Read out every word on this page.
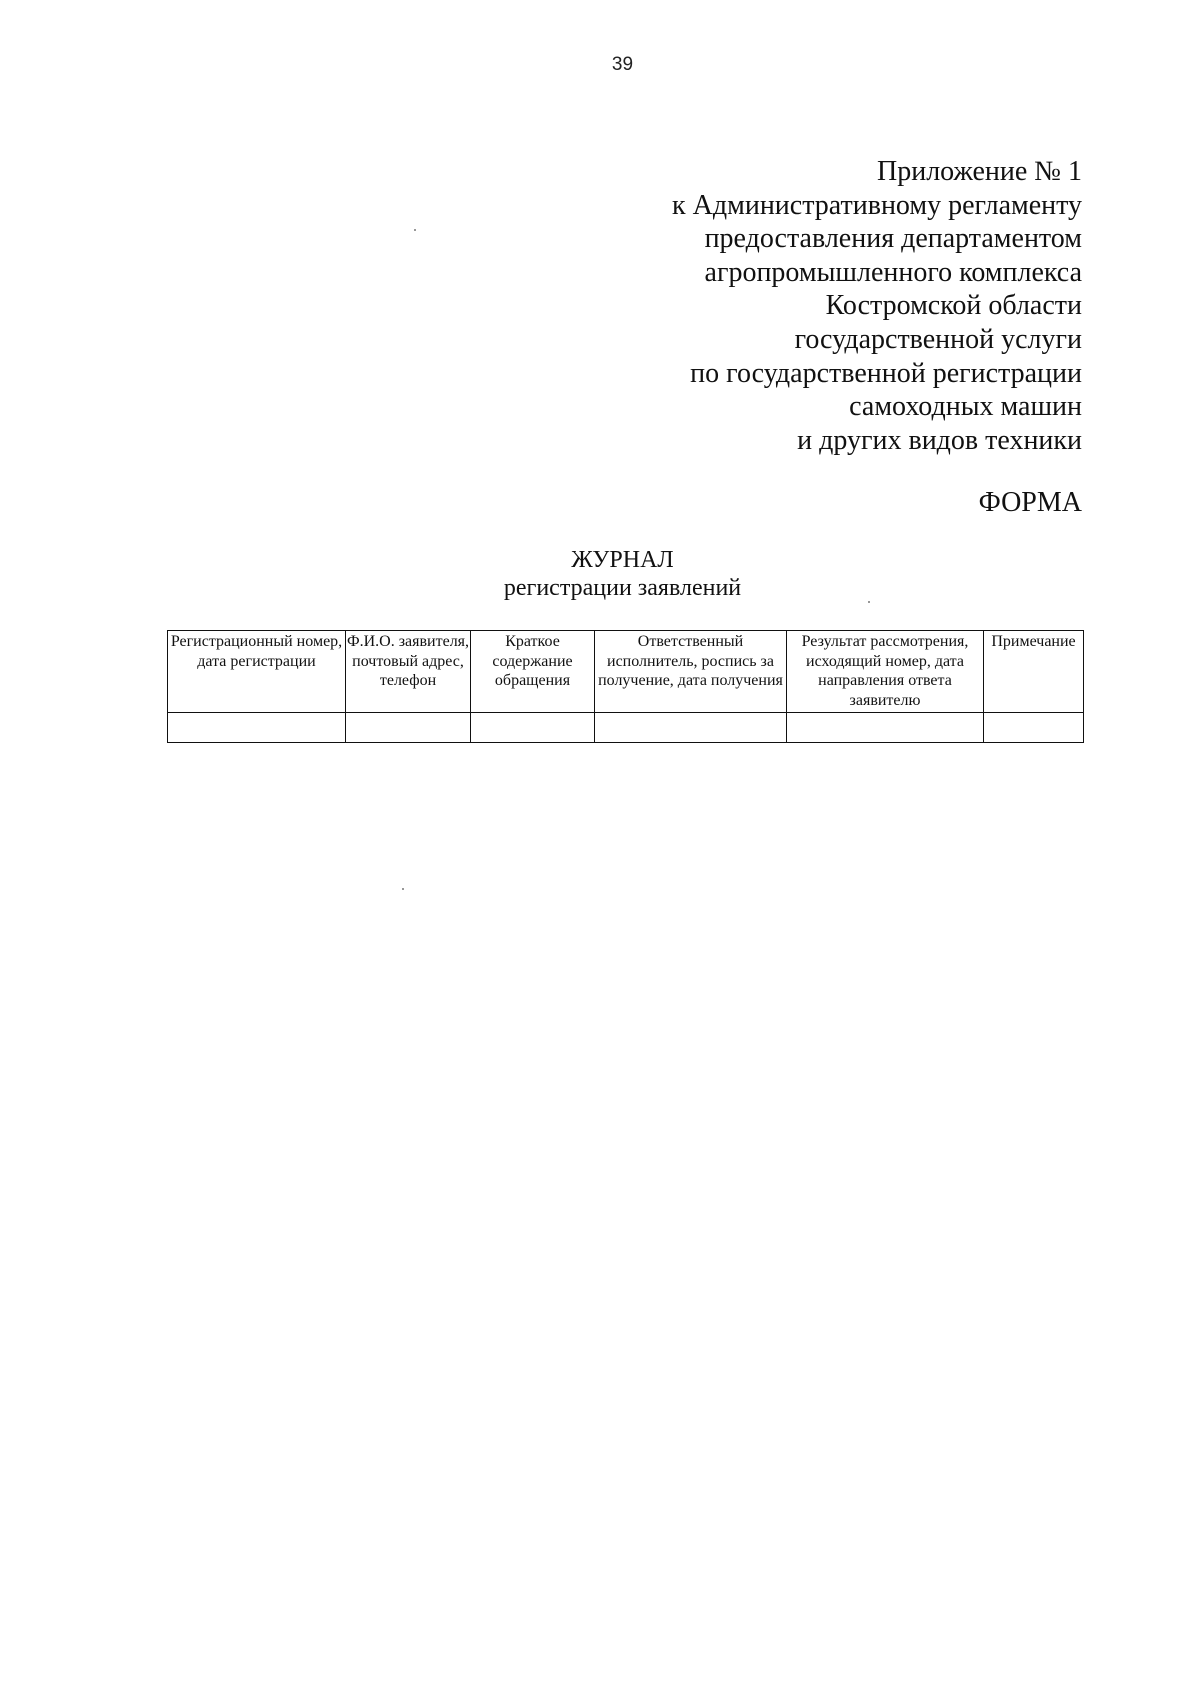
39
Приложение № 1
к Административному регламенту
предоставления департаментом
агропромышленного комплекса
Костромской области
государственной услуги
по государственной регистрации
самоходных машин
и других видов техники
ФОРМА
ЖУРНАЛ
регистрации заявлений
Регистрационный номер, дата регистрации	Ф.И.О. заявителя, почтовый адрес, телефон	Краткое содержание обращения	Ответственный исполнитель, роспись за получение, дата получения	Результат рассмотрения, исходящий номер, дата направления ответа заявителю	Примечание
